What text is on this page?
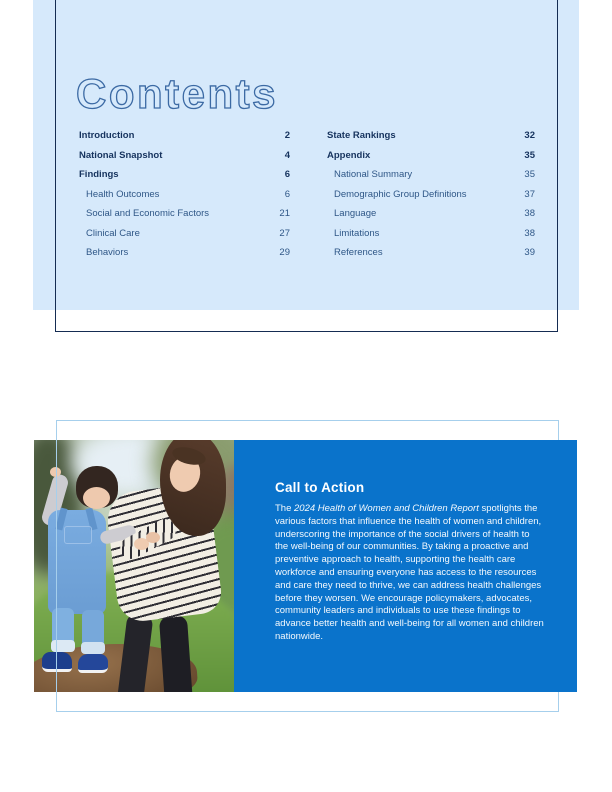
Contents
Introduction	2
National Snapshot	4
Findings	6
Health Outcomes	6
Social and Economic Factors	21
Clinical Care	27
Behaviors	29
State Rankings	32
Appendix	35
National Summary	35
Demographic Group Definitions	37
Language	38
Limitations	38
References	39
Call to Action

The 2024 Health of Women and Children Report spotlights the various factors that influence the health of women and children, underscoring the importance of the social drivers of health to the well-being of our communities. By taking a proactive and preventive approach to health, supporting the health care workforce and ensuring everyone has access to the resources and care they need to thrive, we can address health challenges before they worsen. We encourage policymakers, advocates, community leaders and individuals to use these findings to advance better health and well-being for all women and children nationwide.
